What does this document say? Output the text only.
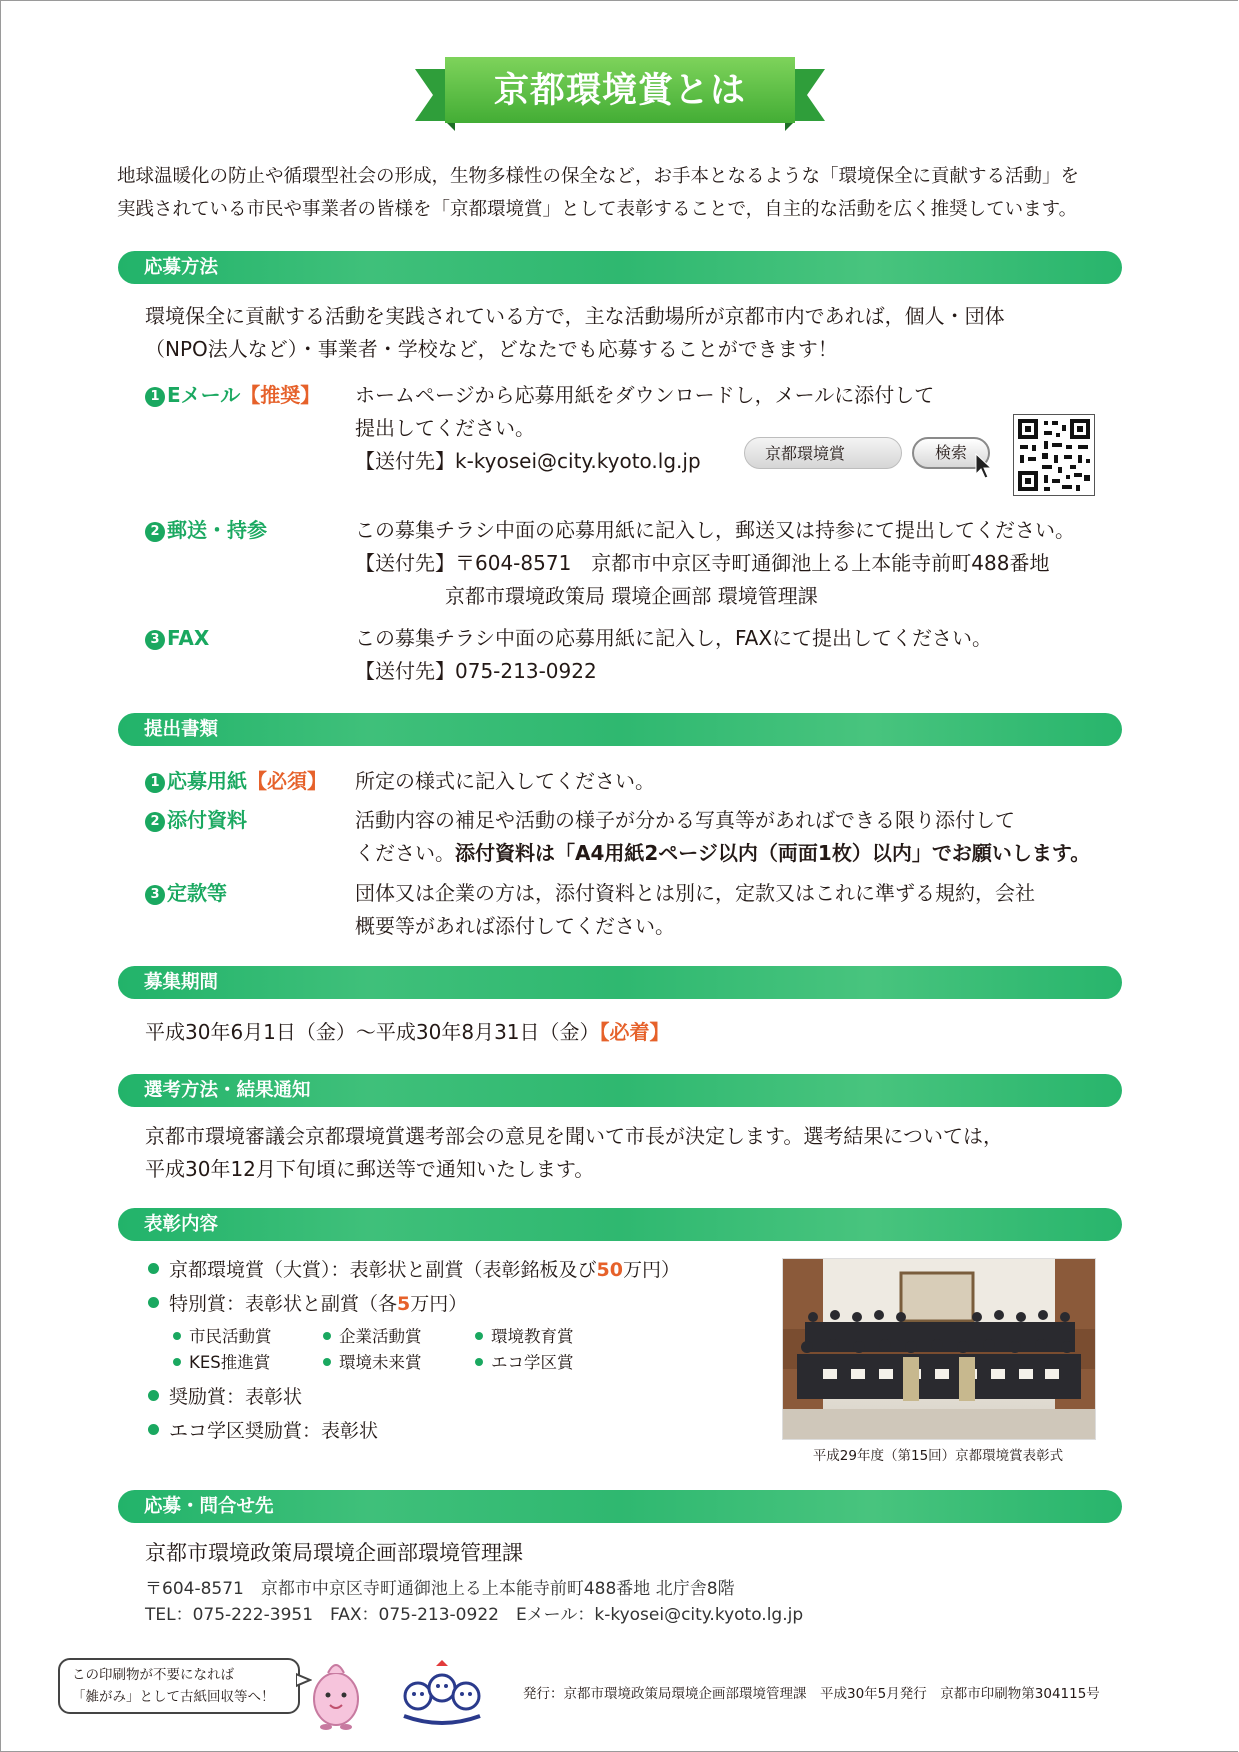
京都環境賞とは
地球温暖化の防止や循環型社会の形成，生物多様性の保全など，お手本となるような「環境保全に貢献する活動」を
実践されている市民や事業者の皆様を「京都環境賞」として表彰することで，自主的な活動を広く推奨しています。
応募方法
環境保全に貢献する活動を実践されている方で，主な活動場所が京都市内であれば，個人・団体
（NPO法人など）・事業者・学校など，どなたでも応募することができます！
1 Eメール【推奨】 ホームページから応募用紙をダウンロードし，メールに添付して
提出してください。
【送付先】k-kyosei@city.kyoto.lg.jp	京都環境賞	検索
2 郵送・持参	この募集チラシ中面の応募用紙に記入し，郵送又は持参にて提出してください。
【送付先】〒604-8571　京都市中京区寺町通御池上る上本能寺前町488番地
京都市環境政策局 環境企画部 環境管理課
3 FAX	この募集チラシ中面の応募用紙に記入し，FAXにて提出してください。
【送付先】075-213-0922
提出書類
1 応募用紙【必須】 所定の様式に記入してください。
2 添付資料	活動内容の補足や活動の様子が分かる写真等があればできる限り添付して
ください。添付資料は「A4用紙2ページ以内（両面1枚）以内」でお願いします。
3 定款等	団体又は企業の方は，添付資料とは別に，定款又はこれに準ずる規約，会社
概要等があれば添付してください。
募集期間
平成30年6月1日（金）～平成30年8月31日（金）【必着】
選考方法・結果通知
京都市環境審議会京都環境賞選考部会の意見を聞いて市長が決定します。選考結果については，
平成30年12月下旬頃に郵送等で通知いたします。
表彰内容
京都環境賞（大賞）：表彰状と副賞（表彰銘板及び50万円）
特別賞：表彰状と副賞（各5万円）
市民活動賞	企業活動賞	環境教育賞
KES推進賞	環境未来賞	エコ学区賞
奨励賞：表彰状
エコ学区奨励賞：表彰状
平成29年度（第15回）京都環境賞表彰式
応募・問合せ先
京都市環境政策局環境企画部環境管理課
〒604-8571　京都市中京区寺町通御池上る上本能寺前町488番地 北庁舎8階
TEL：075-222-3951　FAX：075-213-0922　Eメール：k-kyosei@city.kyoto.lg.jp
この印刷物が不要になれば
「雑がみ」として古紙回収等へ！	発行：京都市環境政策局環境企画部環境管理課　平成30年5月発行　京都市印刷物第304115号
